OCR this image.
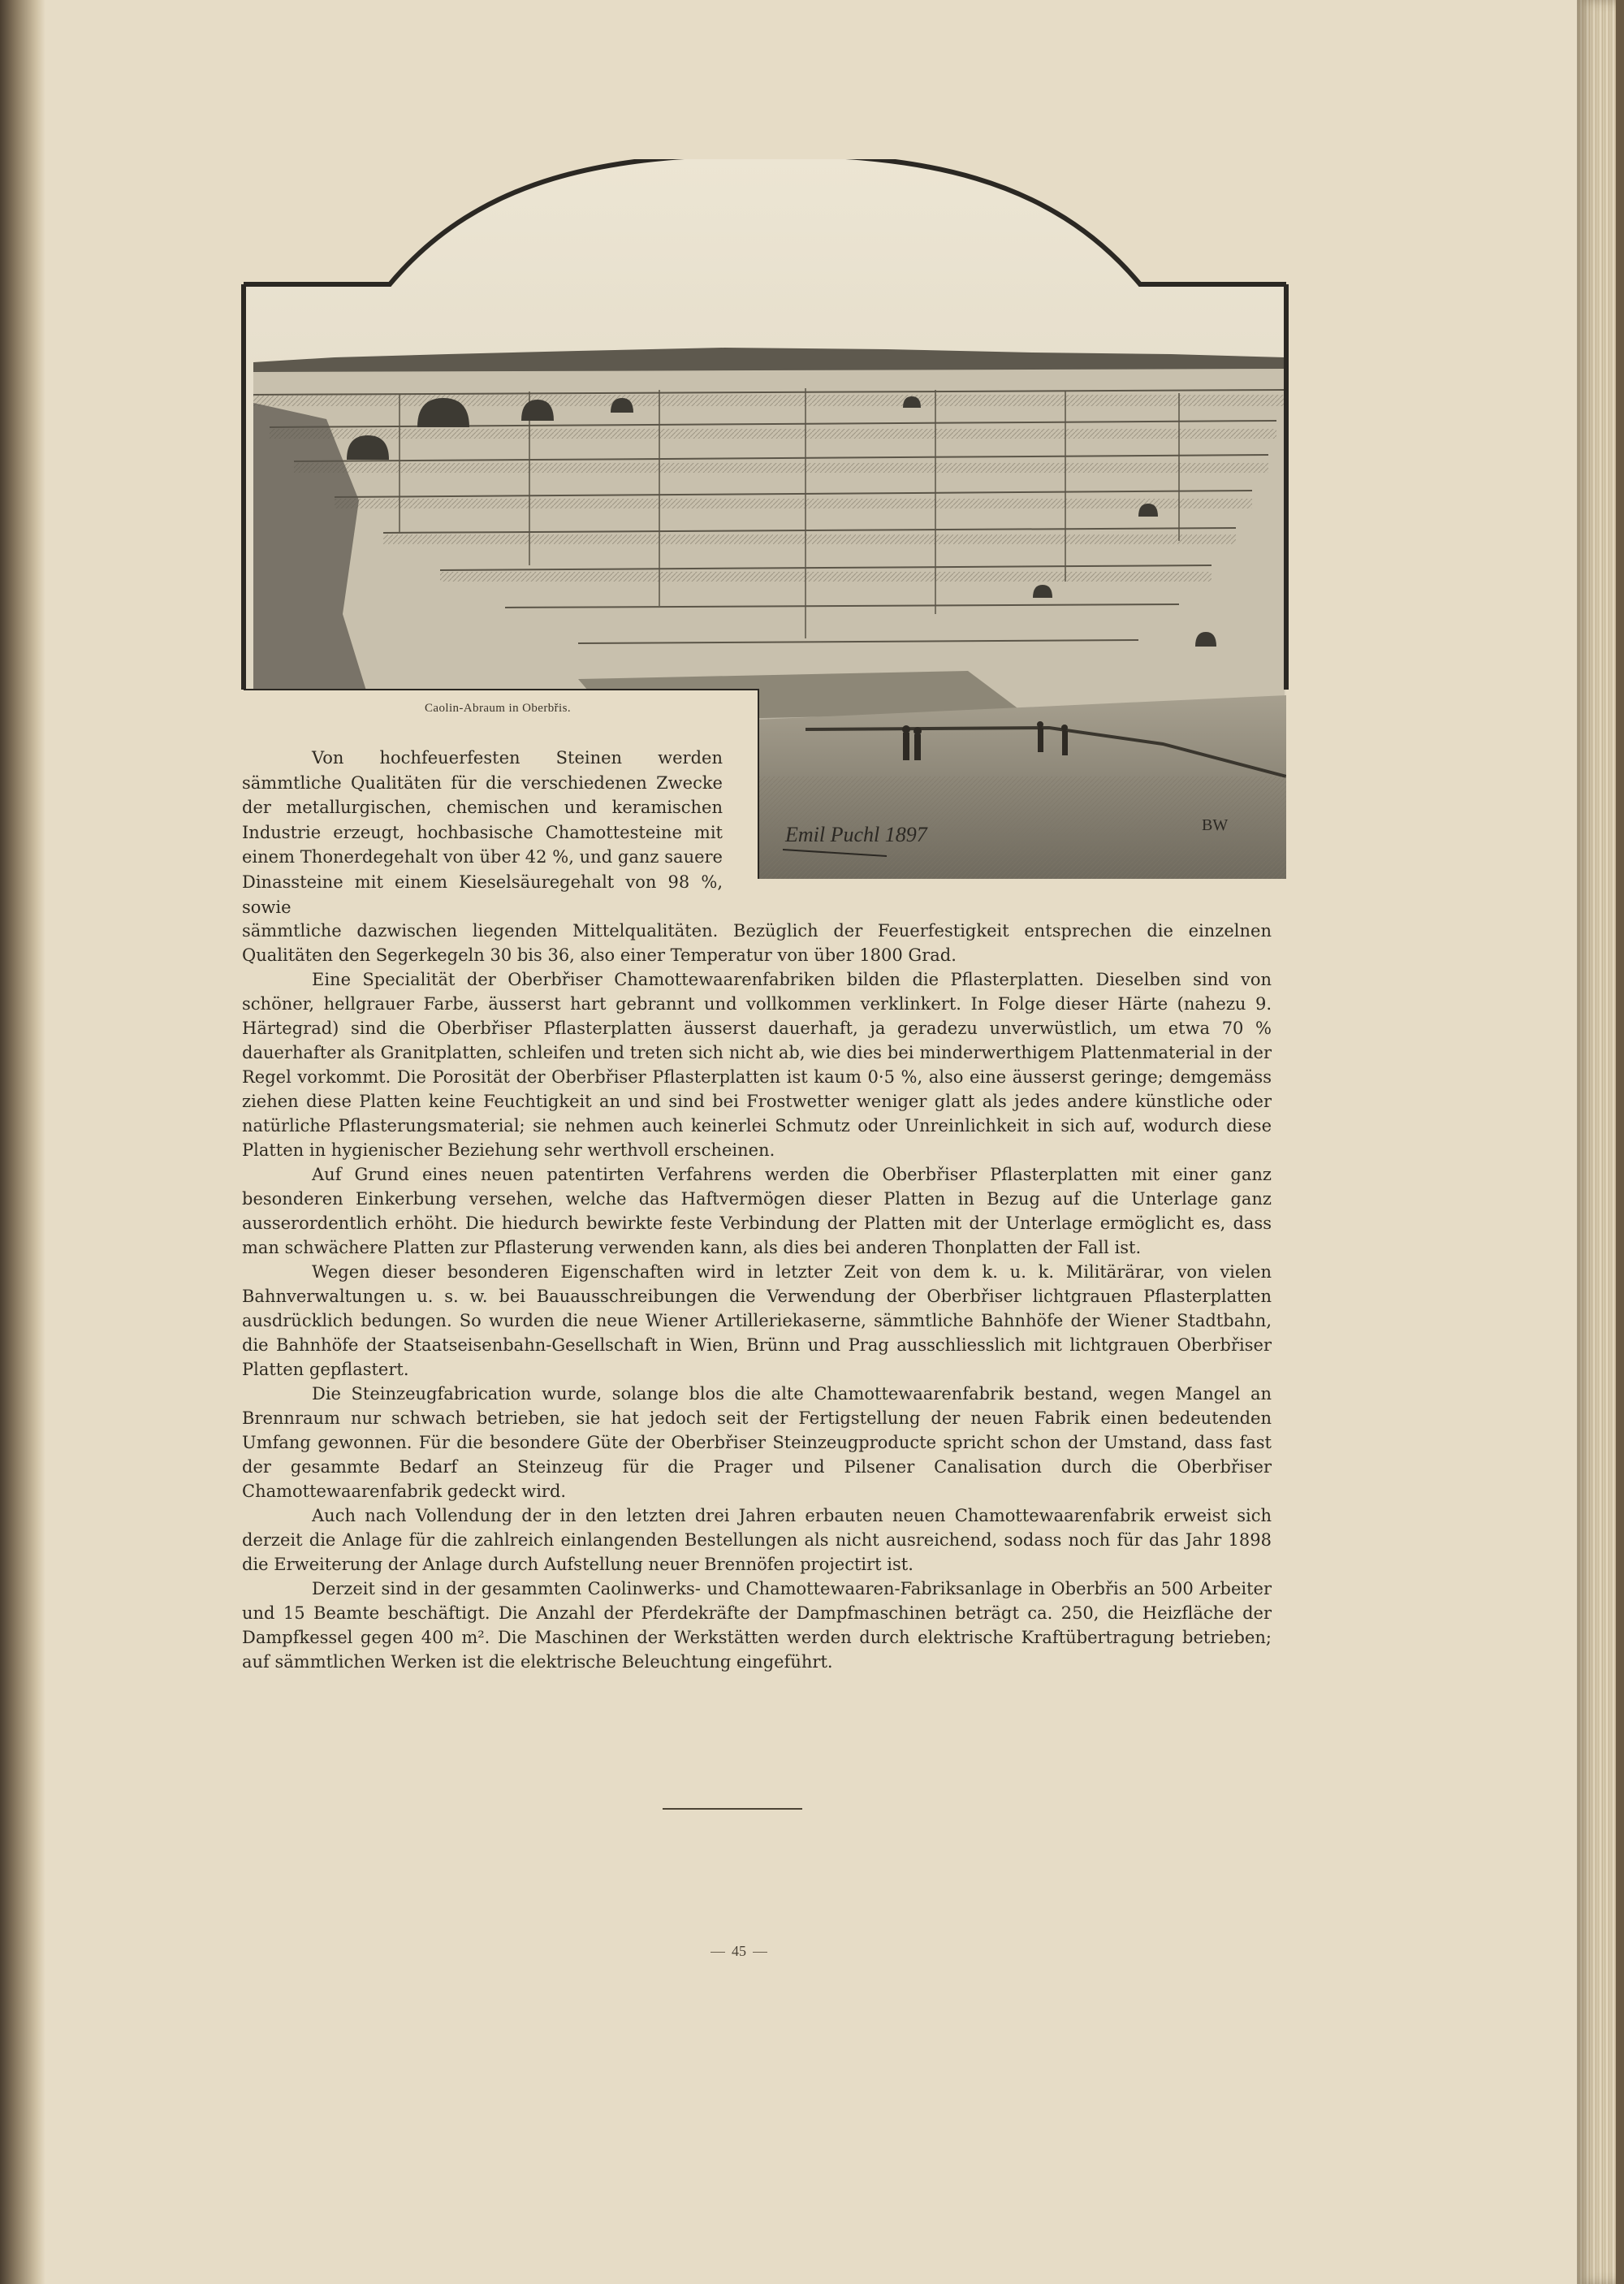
Emil Puchl 1897	BW
Caolin-Abraum in Oberbřis.

Von hochfeuerfesten Steinen werden sämmtliche Qualitäten für die verschiedenen Zwecke der metallurgischen, chemischen und keramischen Industrie erzeugt, hochbasische Chamottesteine mit einem Thonerdegehalt von über 42 %, und ganz sauere Dinassteine mit einem Kieselsäuregehalt von 98 %, sowie

sämmtliche dazwischen liegenden Mittelqualitäten. Bezüglich der Feuerfestigkeit entsprechen die einzelnen Qualitäten den Segerkegeln 30 bis 36, also einer Temperatur von über 1800 Grad.

Eine Specialität der Oberbřiser Chamottewaarenfabriken bilden die Pflasterplatten. Dieselben sind von schöner, hellgrauer Farbe, äusserst hart gebrannt und vollkommen verklinkert. In Folge dieser Härte (nahezu 9. Härtegrad) sind die Oberbřiser Pflasterplatten äusserst dauerhaft, ja geradezu unverwüstlich, um etwa 70 % dauerhafter als Granitplatten, schleifen und treten sich nicht ab, wie dies bei minderwerthigem Plattenmaterial in der Regel vorkommt. Die Porosität der Oberbřiser Pflasterplatten ist kaum 0·5 %, also eine äusserst geringe; demgemäss ziehen diese Platten keine Feuchtigkeit an und sind bei Frostwetter weniger glatt als jedes andere künstliche oder natürliche Pflasterungsmaterial; sie nehmen auch keinerlei Schmutz oder Unreinlichkeit in sich auf, wodurch diese Platten in hygienischer Beziehung sehr werthvoll erscheinen.

Auf Grund eines neuen patentirten Verfahrens werden die Oberbřiser Pflasterplatten mit einer ganz besonderen Einkerbung versehen, welche das Haftvermögen dieser Platten in Bezug auf die Unterlage ganz ausserordentlich erhöht. Die hiedurch bewirkte feste Verbindung der Platten mit der Unterlage ermöglicht es, dass man schwächere Platten zur Pflasterung verwenden kann, als dies bei anderen Thonplatten der Fall ist.

Wegen dieser besonderen Eigenschaften wird in letzter Zeit von dem k. u. k. Militärärar, von vielen Bahnverwaltungen u. s. w. bei Bauausschreibungen die Verwendung der Oberbřiser lichtgrauen Pflasterplatten ausdrücklich bedungen. So wurden die neue Wiener Artilleriekaserne, sämmtliche Bahnhöfe der Wiener Stadtbahn, die Bahnhöfe der Staatseisenbahn-Gesellschaft in Wien, Brünn und Prag ausschliesslich mit lichtgrauen Oberbřiser Platten gepflastert.

Die Steinzeugfabrication wurde, solange blos die alte Chamottewaarenfabrik bestand, wegen Mangel an Brennraum nur schwach betrieben, sie hat jedoch seit der Fertigstellung der neuen Fabrik einen bedeutenden Umfang gewonnen. Für die besondere Güte der Oberbřiser Steinzeugproducte spricht schon der Umstand, dass fast der gesammte Bedarf an Steinzeug für die Prager und Pilsener Canalisation durch die Oberbřiser Chamottewaarenfabrik gedeckt wird.

Auch nach Vollendung der in den letzten drei Jahren erbauten neuen Chamottewaarenfabrik erweist sich derzeit die Anlage für die zahlreich einlangenden Bestellungen als nicht ausreichend, sodass noch für das Jahr 1898 die Erweiterung der Anlage durch Aufstellung neuer Brennöfen projectirt ist.

Derzeit sind in der gesammten Caolinwerks- und Chamottewaaren-Fabriksanlage in Oberbřis an 500 Arbeiter und 15 Beamte beschäftigt. Die Anzahl der Pferdekräfte der Dampfmaschinen beträgt ca. 250, die Heizfläche der Dampfkessel gegen 400 m². Die Maschinen der Werkstätten werden durch elektrische Kraftübertragung betrieben; auf sämmtlichen Werken ist die elektrische Beleuchtung eingeführt.

45
